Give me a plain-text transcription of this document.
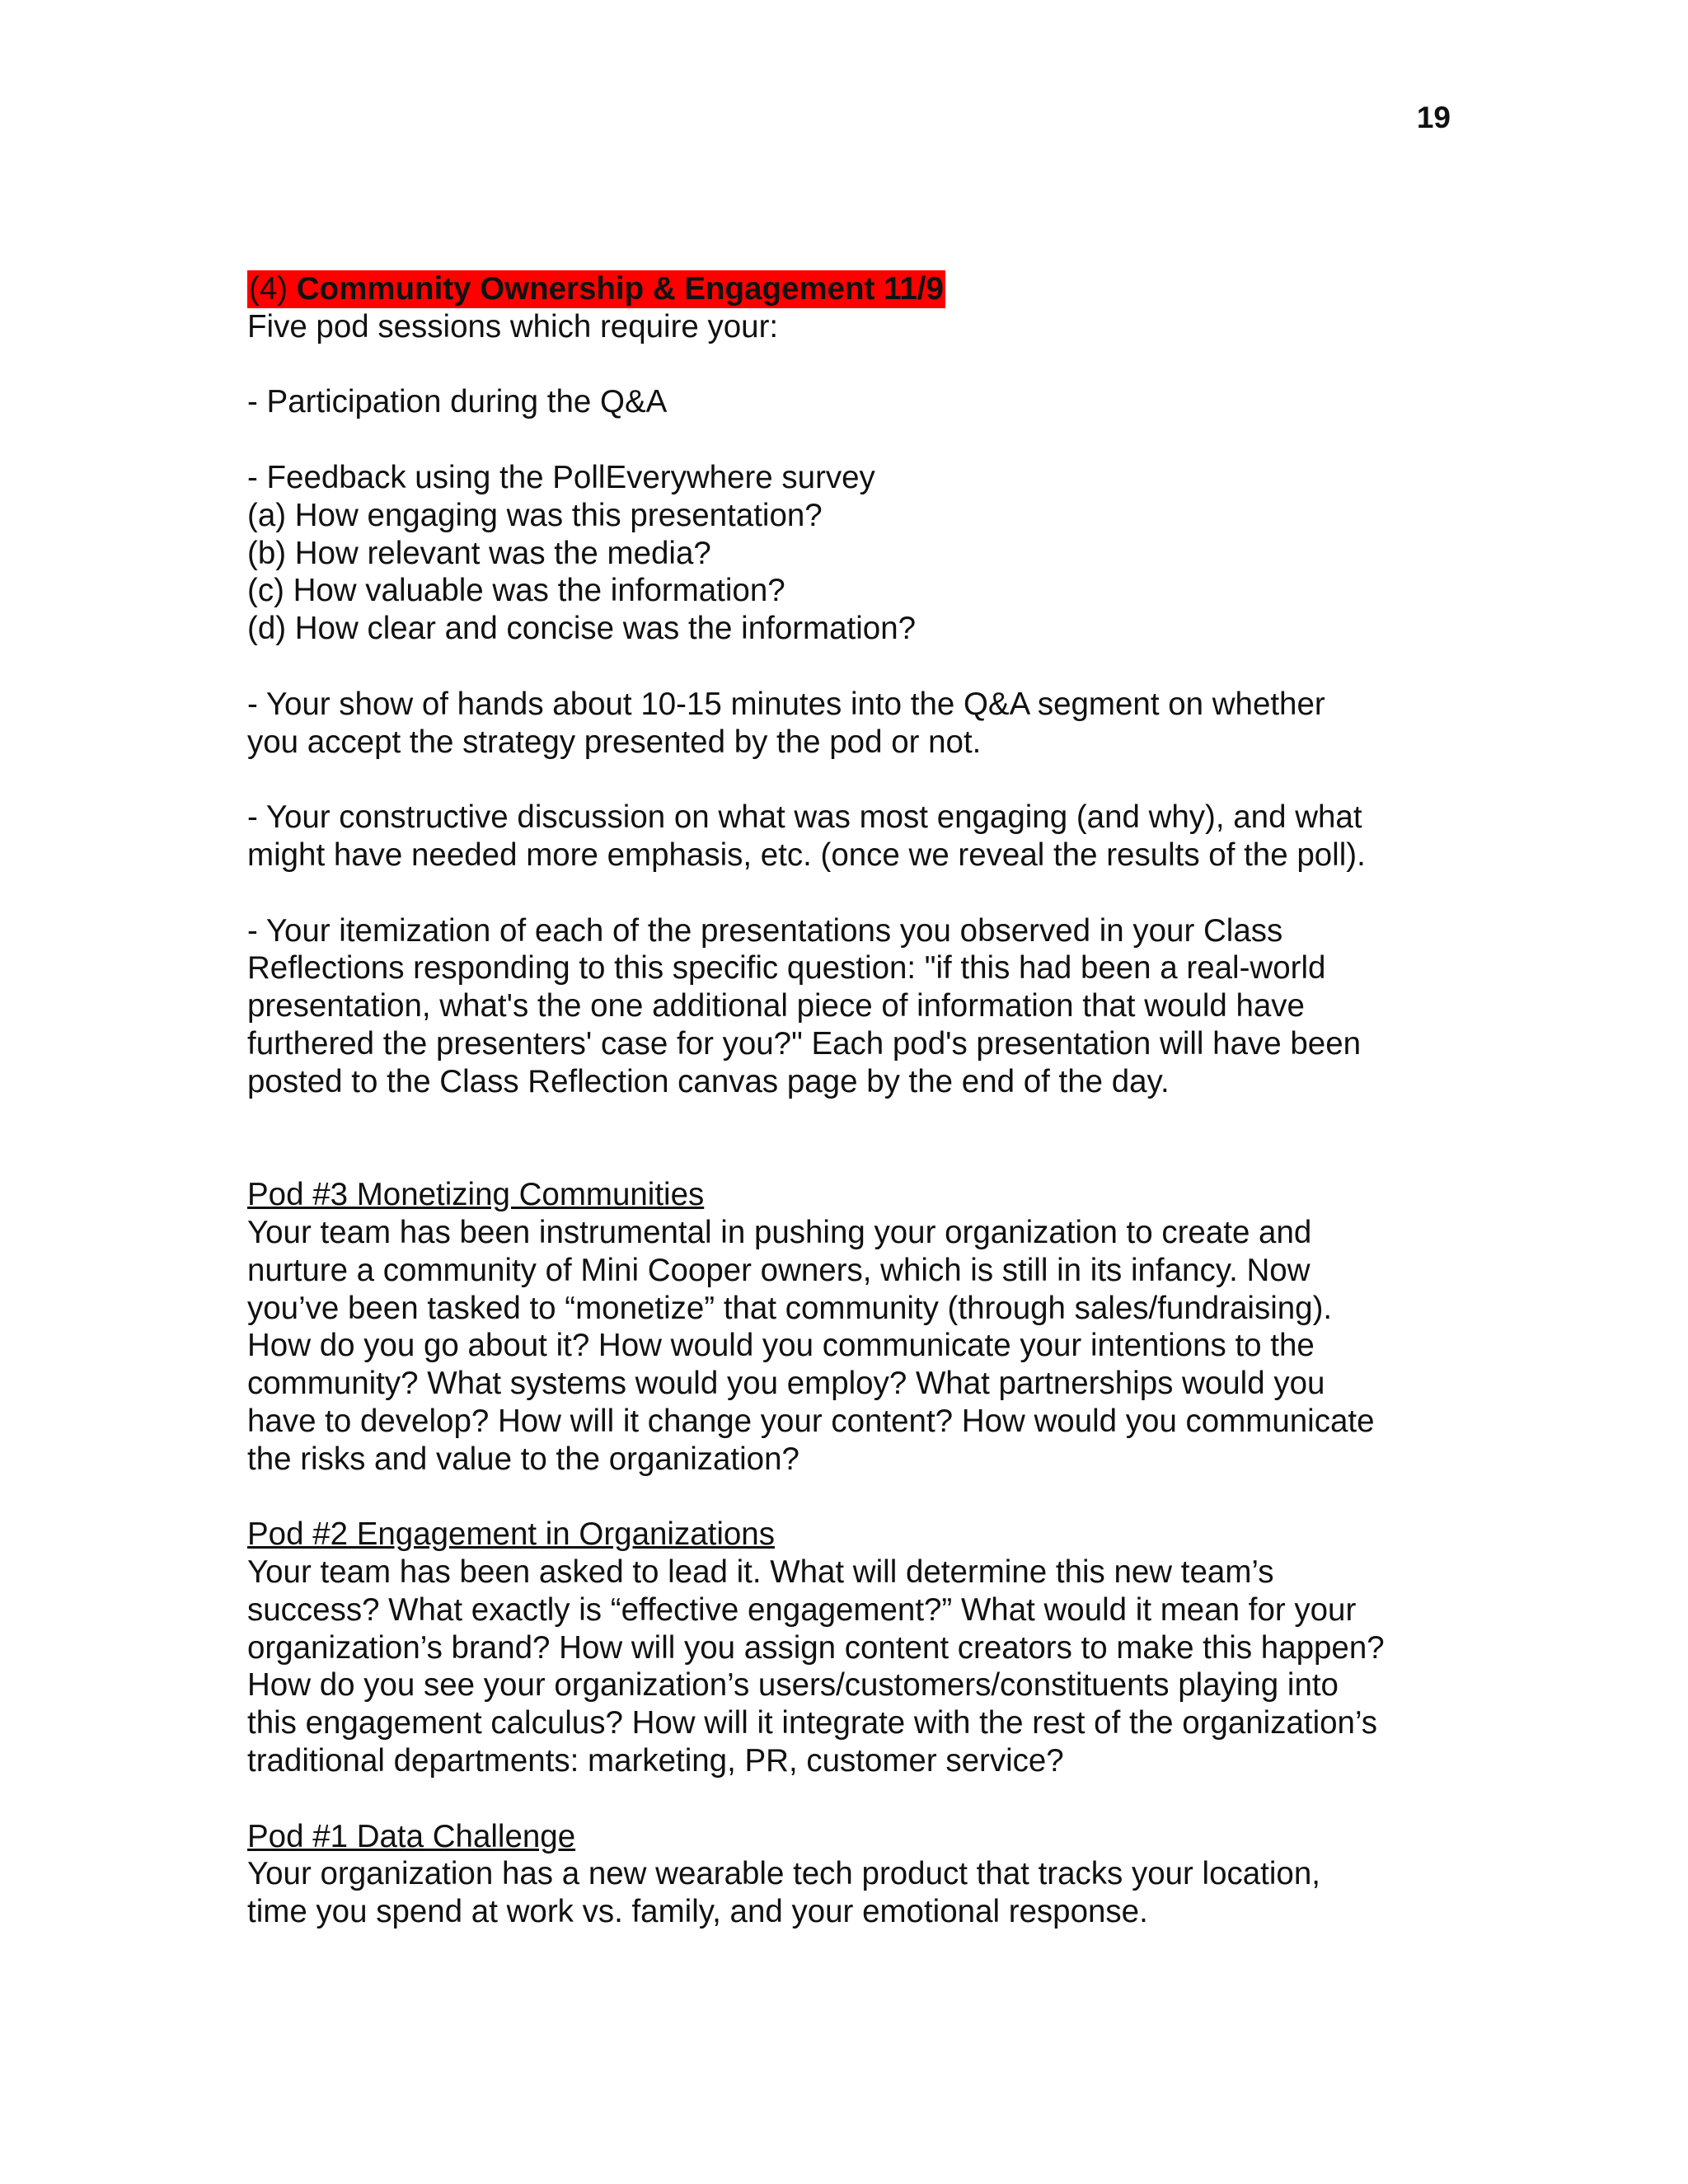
19
(4) Community Ownership & Engagement 11/9
Five pod sessions which require your:
- Participation during the Q&A
- Feedback using the PollEverywhere survey
(a) How engaging was this presentation?
(b) How relevant was the media?
(c) How valuable was the information?
(d) How clear and concise was the information?
- Your show of hands about 10-15 minutes into the Q&A segment on whether
you accept the strategy presented by the pod or not.
- Your constructive discussion on what was most engaging (and why), and what
might have needed more emphasis, etc. (once we reveal the results of the poll).
- Your itemization of each of the presentations you observed in your Class
Reflections responding to this specific question: "if this had been a real-world
presentation, what's the one additional piece of information that would have
furthered the presenters' case for you?" Each pod's presentation will have been
posted to the Class Reflection canvas page by the end of the day.
Pod #3 Monetizing Communities
Your team has been instrumental in pushing your organization to create and
nurture a community of Mini Cooper owners, which is still in its infancy. Now
you’ve been tasked to “monetize” that community (through sales/fundraising).
How do you go about it? How would you communicate your intentions to the
community? What systems would you employ? What partnerships would you
have to develop? How will it change your content? How would you communicate
the risks and value to the organization?
Pod #2 Engagement in Organizations
Your team has been asked to lead it. What will determine this new team’s
success? What exactly is “effective engagement?” What would it mean for your
organization’s brand? How will you assign content creators to make this happen?
How do you see your organization’s users/customers/constituents playing into
this engagement calculus? How will it integrate with the rest of the organization’s
traditional departments: marketing, PR, customer service?
Pod #1 Data Challenge
Your organization has a new wearable tech product that tracks your location,
time you spend at work vs. family, and your emotional response.
